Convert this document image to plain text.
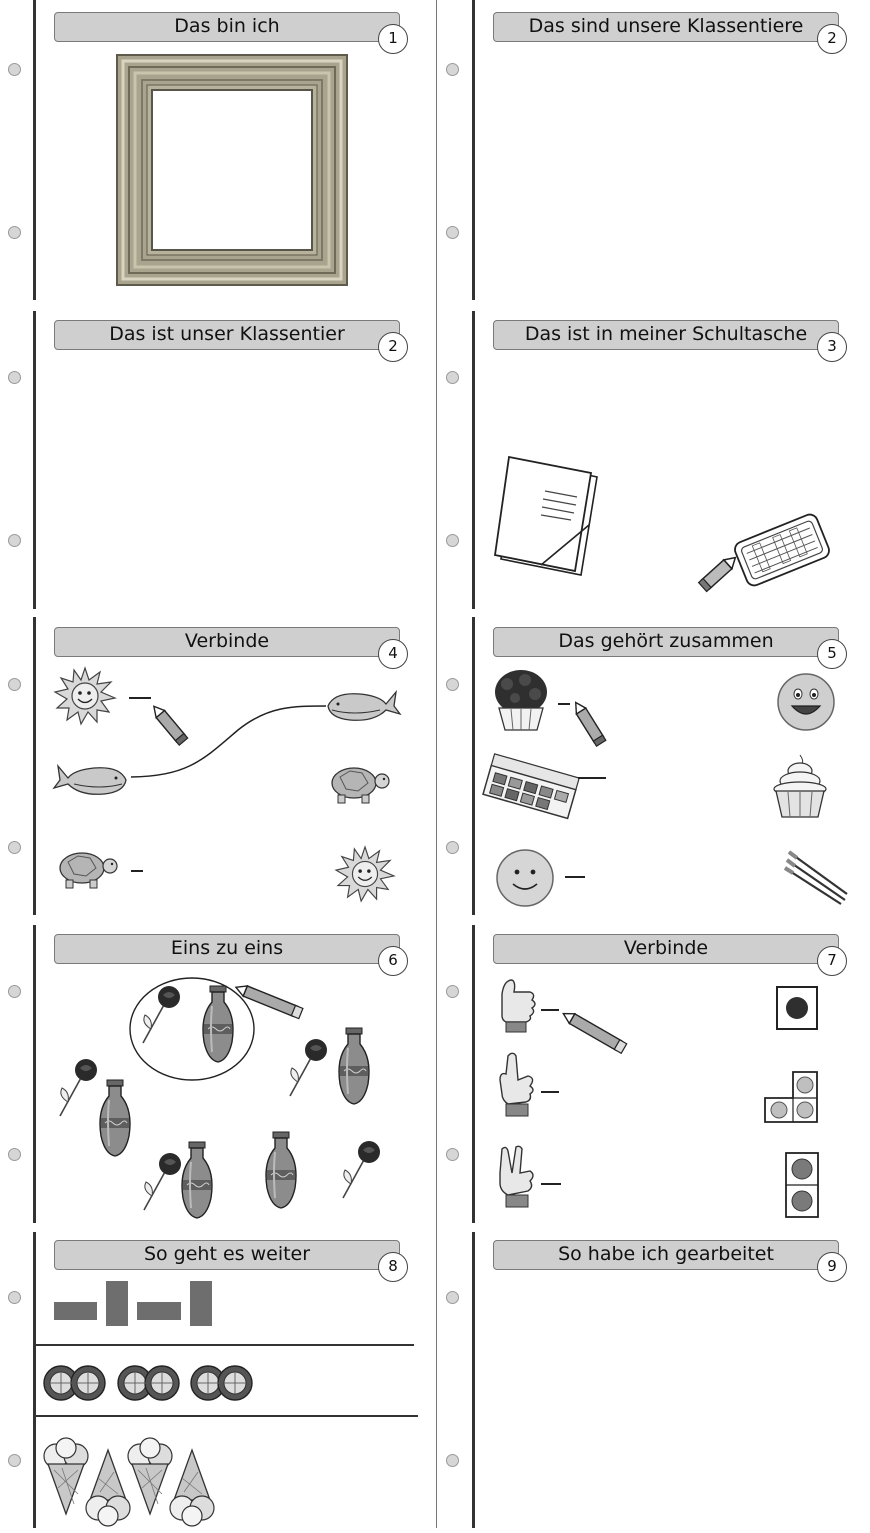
Das bin ich
1
Das sind unsere Klassentiere
2
Das ist unser Klassentier
2
Das ist in meiner Schultasche
3
Verbinde
4
Das gehört zusammen
5
Eins zu eins
6
Verbinde
7
So geht es weiter
8
So habe ich gearbeitet
9
